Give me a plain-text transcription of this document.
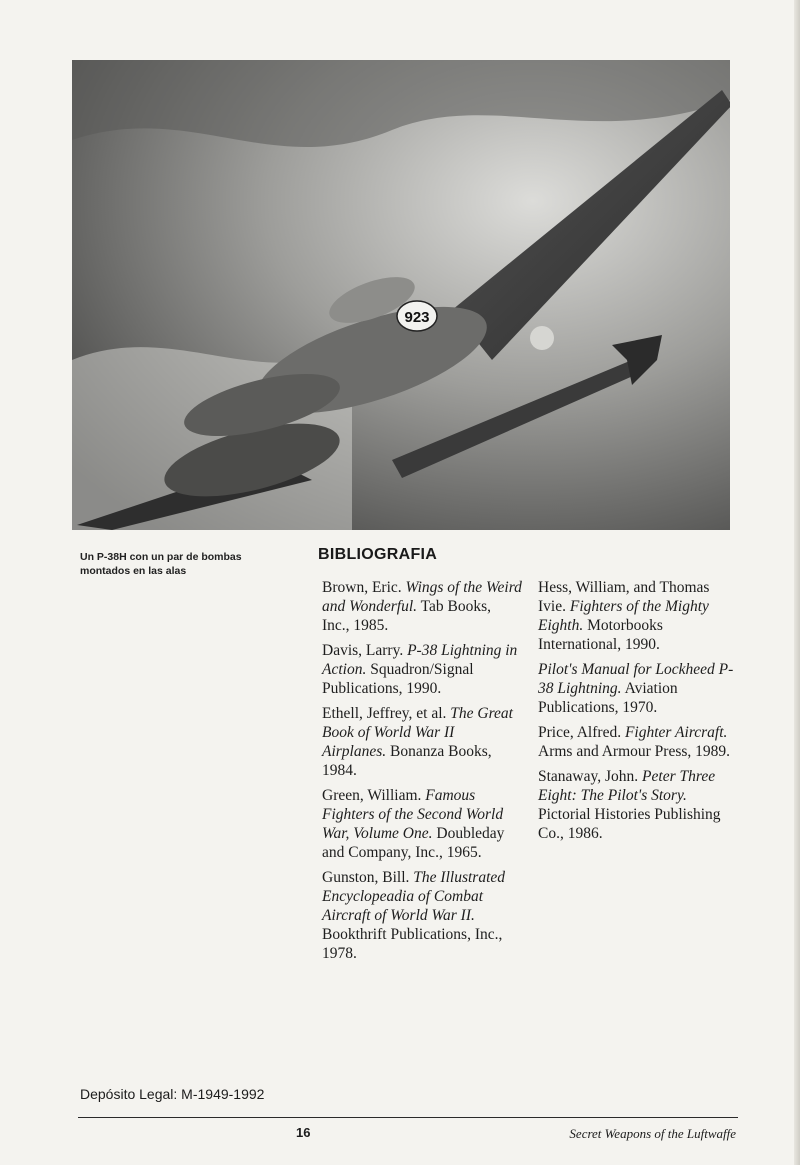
923
Un P-38H con un par de bombas
montados en las alas
BIBLIOGRAFIA
Brown, Eric. Wings of the Weird and Wonderful. Tab Books, Inc., 1985.
Davis, Larry. P-38 Lightning in Action. Squadron/Signal Publications, 1990.
Ethell, Jeffrey, et al. The Great Book of World War II Airplanes. Bonanza Books, 1984.
Green, William. Famous Fighters of the Second World War, Volume One. Doubleday and Company, Inc., 1965.
Gunston, Bill. The Illustrated Encyclopeadia of Combat Aircraft of World War II. Bookthrift Publications, Inc., 1978.
Hess, William, and Thomas Ivie. Fighters of the Mighty Eighth. Motorbooks International, 1990.
Pilot's Manual for Lockheed P-38 Lightning. Aviation Publications, 1970.
Price, Alfred. Fighter Aircraft. Arms and Armour Press, 1989.
Stanaway, John. Peter Three Eight: The Pilot's Story. Pictorial Histories Publishing Co., 1986.
Depósito Legal: M-1949-1992
16	Secret Weapons of the Luftwaffe
